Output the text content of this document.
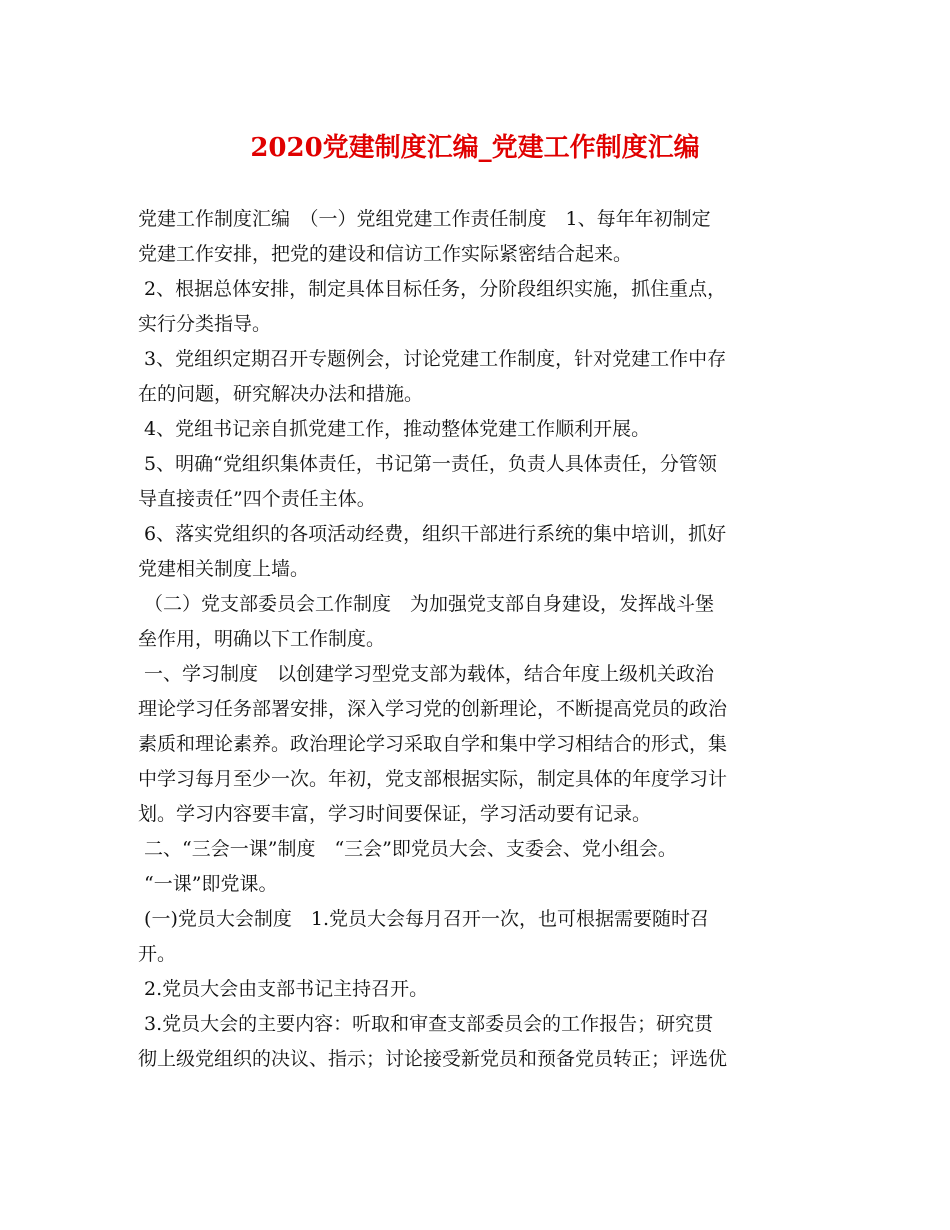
2020党建制度汇编_党建工作制度汇编
党建工作制度汇编　（一）党组党建工作责任制度　1、每年年初制定
党建工作安排，把党的建设和信访工作实际紧密结合起来。
2、根据总体安排，制定具体目标任务，分阶段组织实施，抓住重点，
实行分类指导。
3、党组织定期召开专题例会，讨论党建工作制度，针对党建工作中存
在的问题，研究解决办法和措施。
4、党组书记亲自抓党建工作，推动整体党建工作顺利开展。
5、明确“党组织集体责任，书记第一责任，负责人具体责任，分管领
导直接责任”四个责任主体。
6、落实党组织的各项活动经费，组织干部进行系统的集中培训，抓好
党建相关制度上墙。
（二）党支部委员会工作制度　为加强党支部自身建设，发挥战斗堡
垒作用，明确以下工作制度。
一、学习制度　以创建学习型党支部为载体，结合年度上级机关政治
理论学习任务部署安排，深入学习党的创新理论，不断提高党员的政治
素质和理论素养。政治理论学习采取自学和集中学习相结合的形式，集
中学习每月至少一次。年初，党支部根据实际，制定具体的年度学习计
划。学习内容要丰富，学习时间要保证，学习活动要有记录。
二、“三会一课”制度　“三会”即党员大会、支委会、党小组会。
“一课”即党课。
(一)党员大会制度　1.党员大会每月召开一次，也可根据需要随时召
开。
2.党员大会由支部书记主持召开。
3.党员大会的主要内容：听取和审查支部委员会的工作报告；研究贯
彻上级党组织的决议、指示；讨论接受新党员和预备党员转正；评选优
